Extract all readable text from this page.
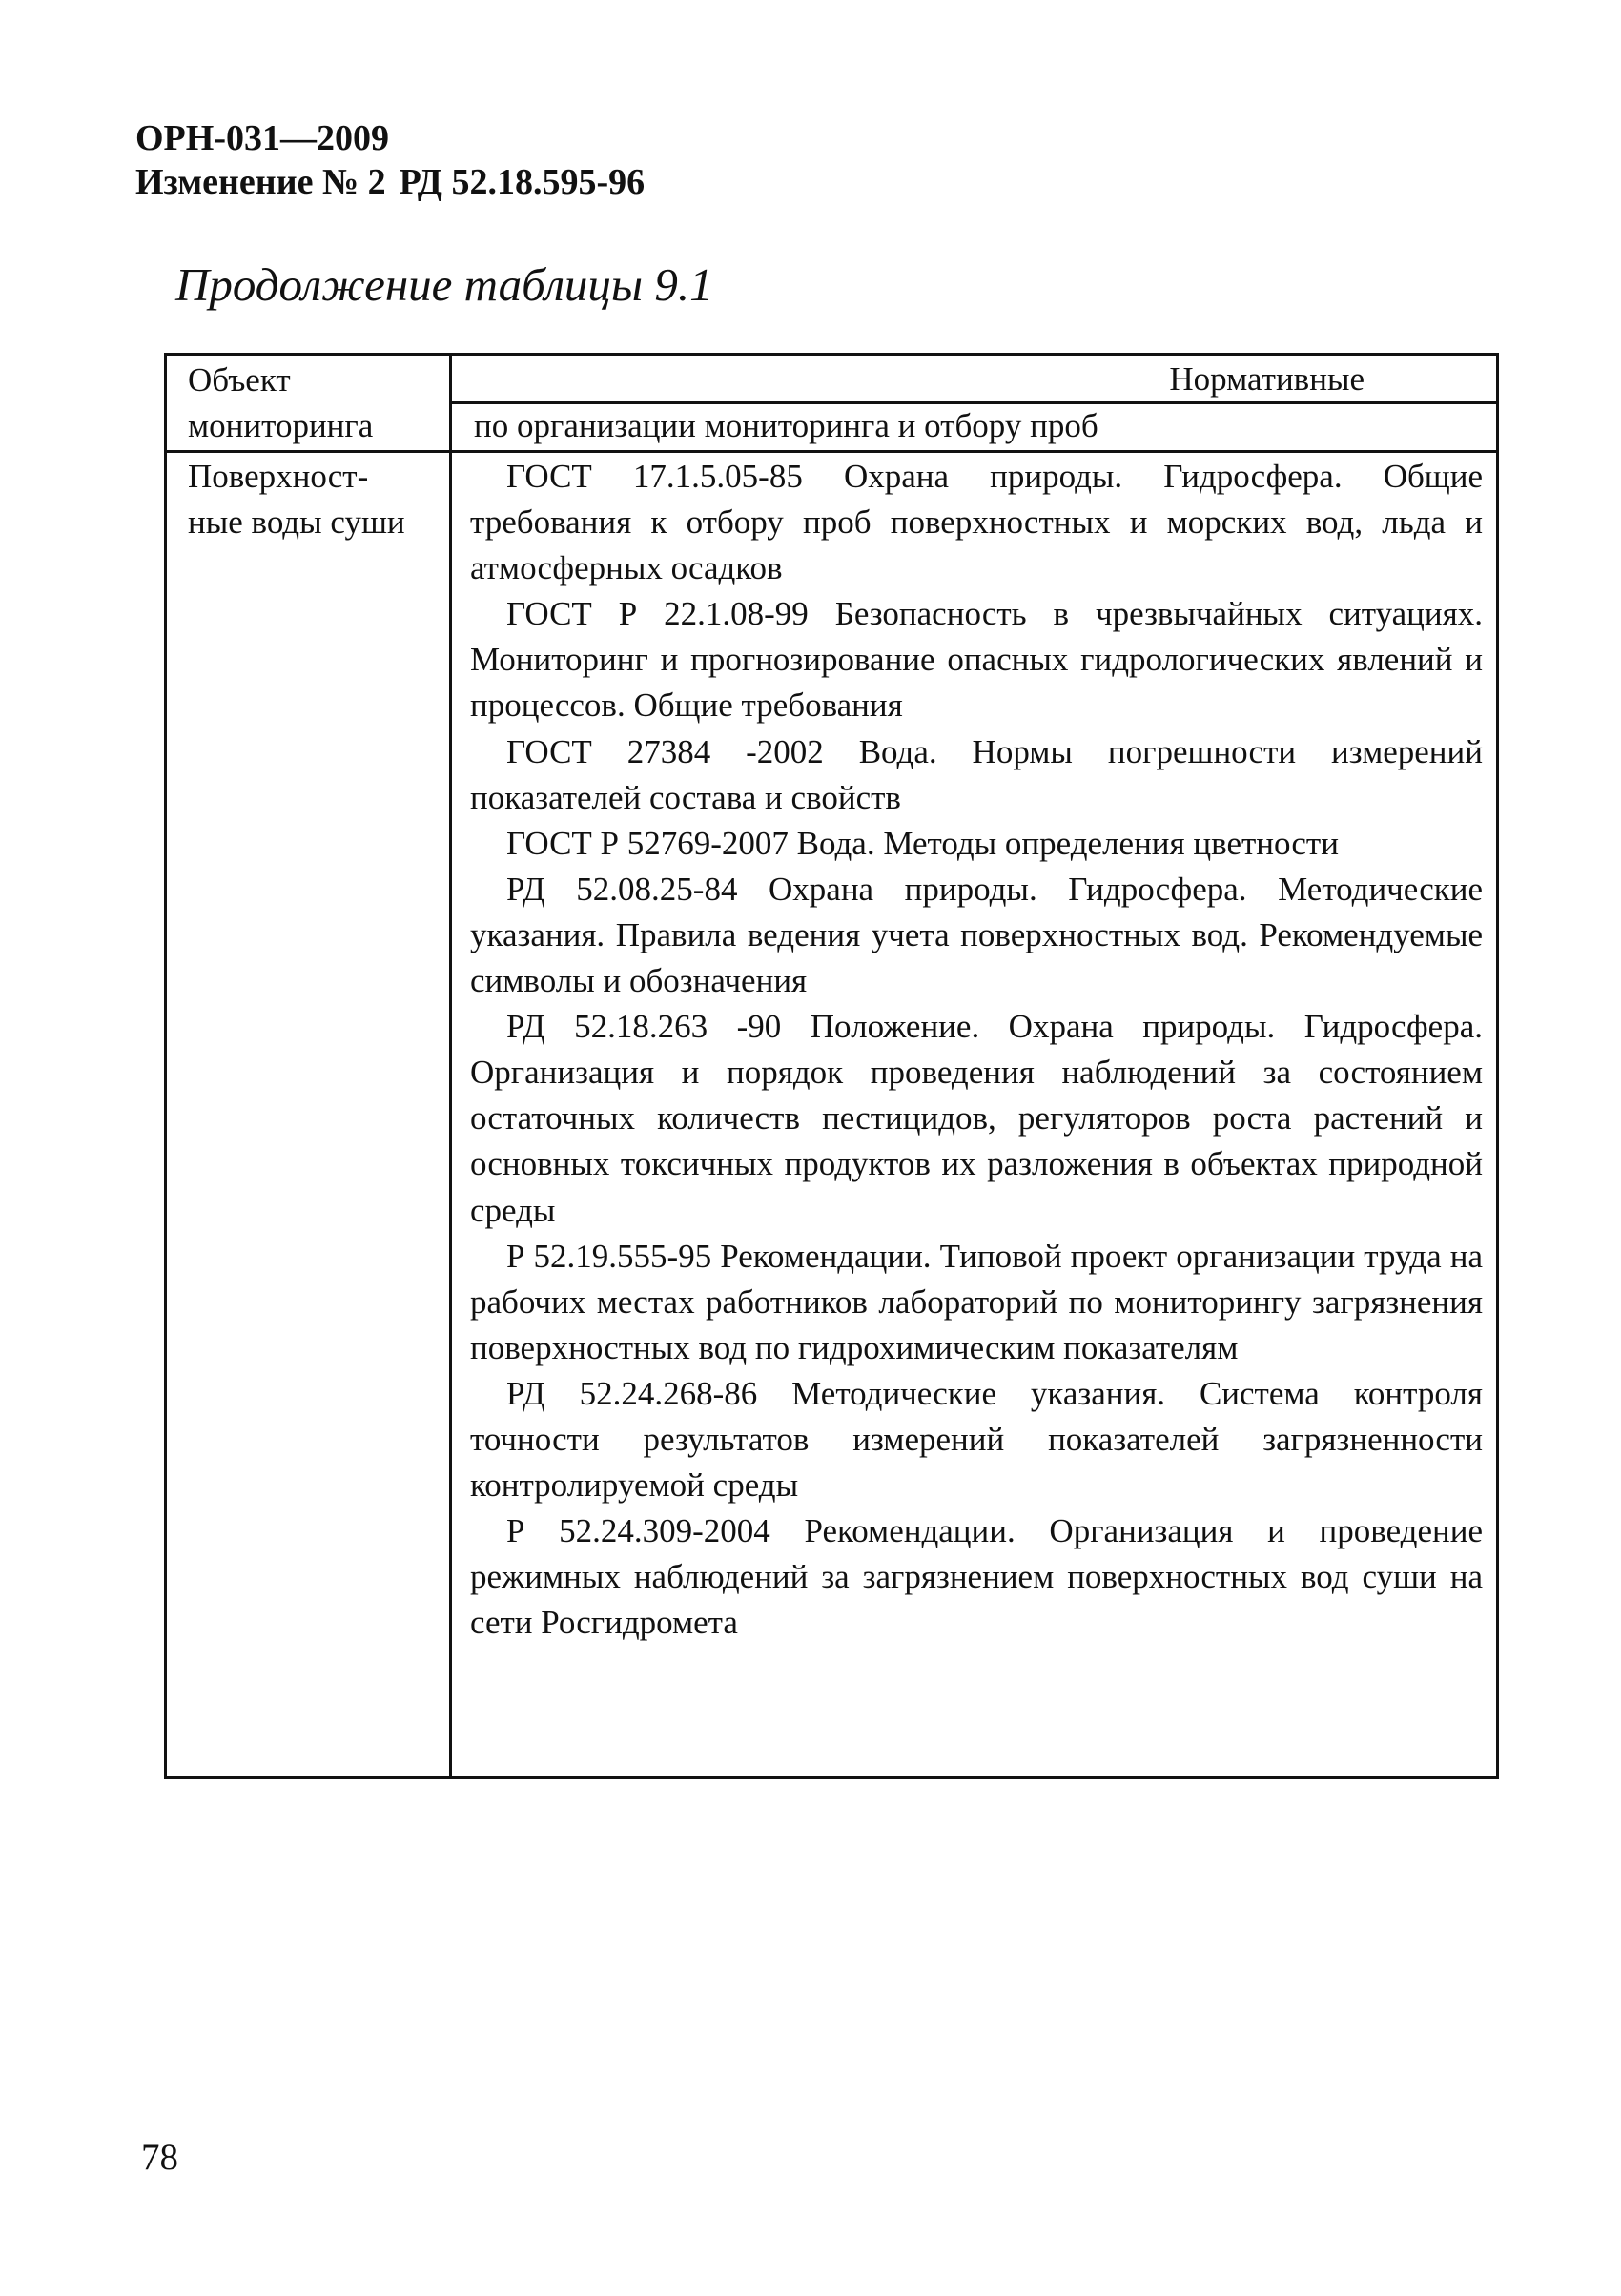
ОРН-031—2009
Изменение № 2 РД 52.18.595-96
Продолжение таблицы 9.1
Объект мониторинга
Нормативные
по организации мониторинга и отбору проб
Поверхност-ные воды суши

ГОСТ 17.1.5.05-85 Охрана природы. Гидросфера. Общие требования к отбору проб поверхностных и морских вод, льда и атмосферных осадков

ГОСТ Р 22.1.08-99 Безопасность в чрезвычайных ситуациях. Мониторинг и прогнозирование опасных гидрологических явлений и процессов. Общие требования

ГОСТ 27384 -2002 Вода. Нормы погрешности измерений показателей состава и свойств

ГОСТ Р 52769-2007 Вода. Методы определения цветности

РД 52.08.25-84 Охрана природы. Гидросфера. Методические указания. Правила ведения учета поверхностных вод. Рекомендуемые символы и обозначения

РД 52.18.263 -90 Положение. Охрана природы. Гидросфера. Организация и порядок проведения наблюдений за состоянием остаточных количеств пестицидов, регуляторов роста растений и основных токсичных продуктов их разложения в объектах природной среды

Р 52.19.555-95 Рекомендации. Типовой проект организации труда на рабочих местах работников лабораторий по мониторингу загрязнения поверхностных вод по гидрохимическим показателям

РД 52.24.268-86 Методические указания. Система контроля точности результатов измерений показателей загрязненности контролируемой среды

Р 52.24.309-2004 Рекомендации. Организация и проведение режимных наблюдений за загрязнением поверхностных вод суши на сети Росгидромета

78
